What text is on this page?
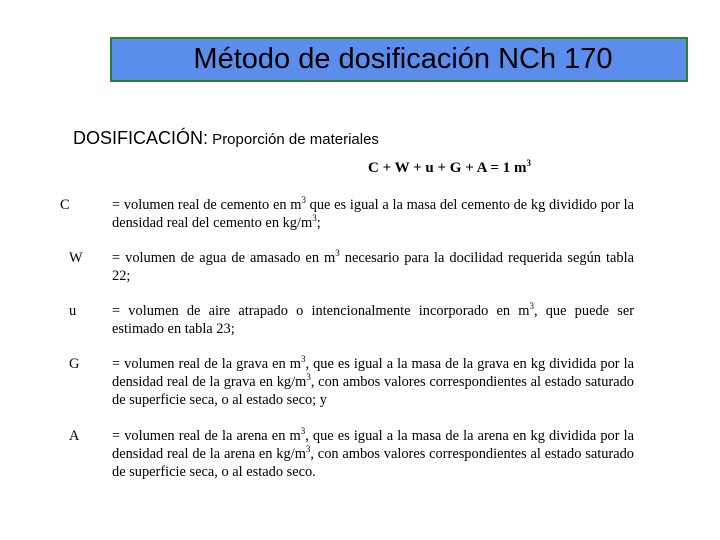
Método de dosificación NCh 170
DOSIFICACIÓN: Proporción de materiales
C + W + u + G + A = 1 $m^3$
C	= volumen real de cemento en $m^3$ que es igual a la masa del cemento de kg dividido por la densidad real del cemento en $kg/m^3$;
W = volumen de agua de amasado en $m^3$ necesario para la docilidad requerida según tabla 22;
u = volumen de aire atrapado o intencionalmente incorporado en $m^3$, que puede ser estimado en tabla 23;
G = volumen real de la grava en $m^3$, que es igual a la masa de la grava en kg dividida por la densidad real de la grava en $kg/m^3$, con ambos valores correspondientes al estado saturado de superficie seca, o al estado seco; y
A = volumen real de la arena en $m^3$, que es igual a la masa de la arena en kg dividida por la densidad real de la arena en $kg/m^3$, con ambos valores correspondientes al estado saturado de superficie seca, o al estado seco.
